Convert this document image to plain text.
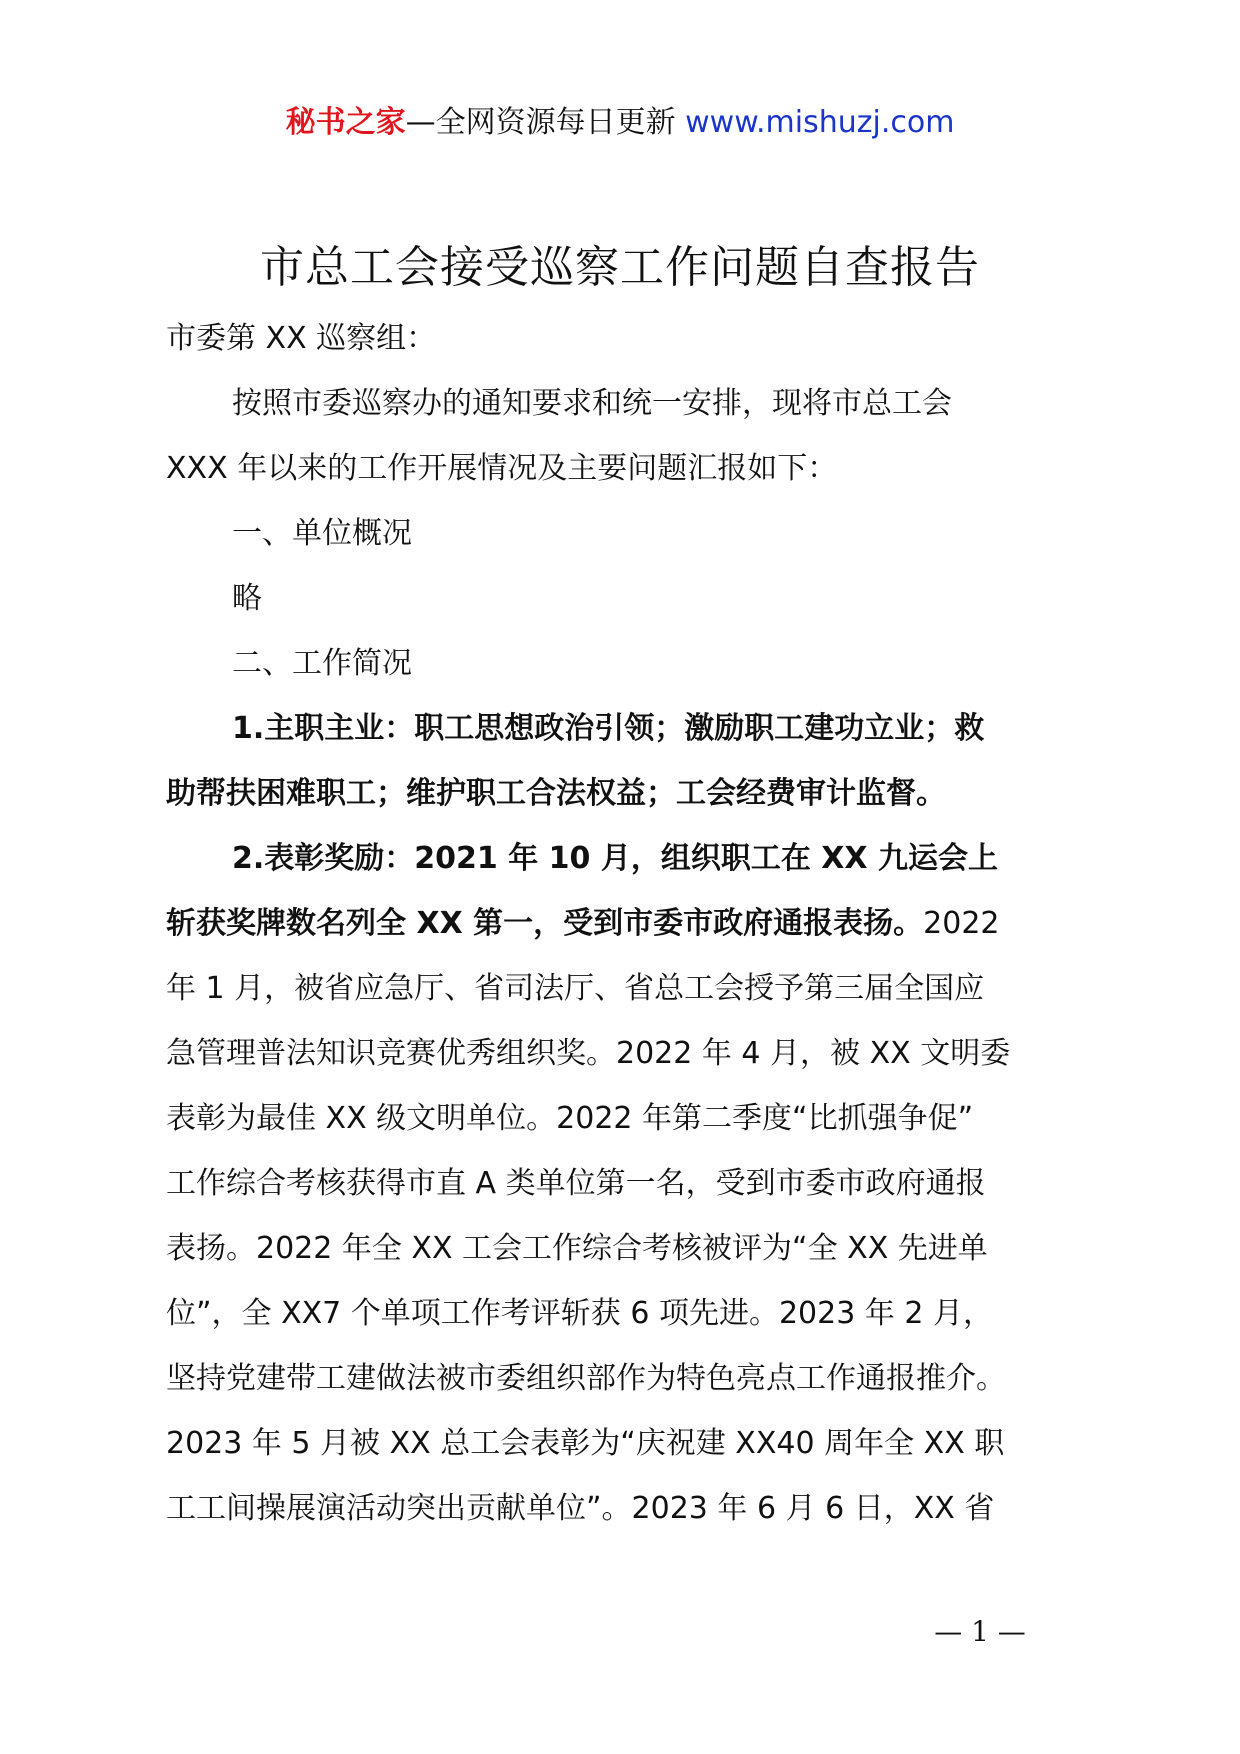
秘书之家—全网资源每日更新 www.mishuzj.com
市总工会接受巡察工作问题自查报告

市委第 XX 巡察组：

按照市委巡察办的通知要求和统一安排，现将市总工会

XXX 年以来的工作开展情况及主要问题汇报如下：

一、单位概况

略

二、工作简况

1.主职主业：职工思想政治引领；激励职工建功立业；救

助帮扶困难职工；维护职工合法权益；工会经费审计监督。

2.表彰奖励：2021 年 10 月，组织职工在 XX 九运会上

斩获奖牌数名列全 XX 第一，受到市委市政府通报表扬。2022

年 1 月，被省应急厅、省司法厅、省总工会授予第三届全国应

急管理普法知识竞赛优秀组织奖。2022 年 4 月，被 XX 文明委

表彰为最佳 XX 级文明单位。2022 年第二季度“比抓强争促”

工作综合考核获得市直 A 类单位第一名，受到市委市政府通报

表扬。2022 年全 XX 工会工作综合考核被评为“全 XX 先进单

位”，全 XX7 个单项工作考评斩获 6 项先进。2023 年 2 月，

坚持党建带工建做法被市委组织部作为特色亮点工作通报推介。

2023 年 5 月被 XX 总工会表彰为“庆祝建 XX40 周年全 XX 职

工工间操展演活动突出贡献单位”。2023 年 6 月 6 日，XX 省

— 1 —
